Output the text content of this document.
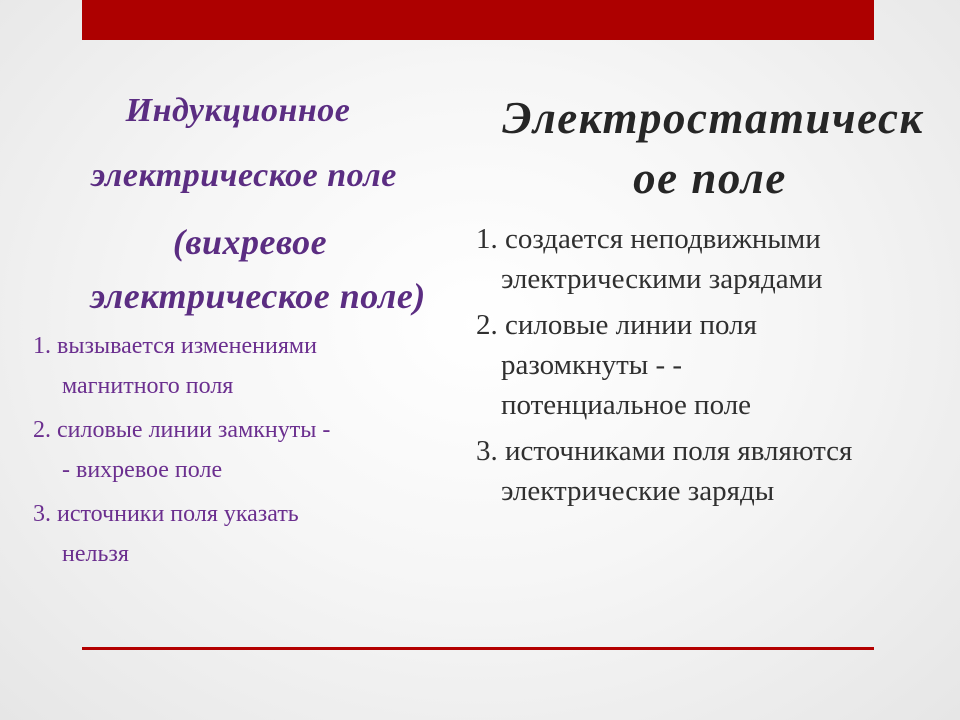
Индукционное
электрическое поле
(вихревое
электрическое поле)
1. вызывается изменениями
магнитного поля
2. силовые линии замкнуты -
- вихревое поле
3. источники поля указать
нельзя
Электростатическ
ое поле
1. создается неподвижными
электрическими зарядами
2. силовые линии поля
разомкнуты - -
потенциальное поле
3. источниками поля являются
электрические заряды
